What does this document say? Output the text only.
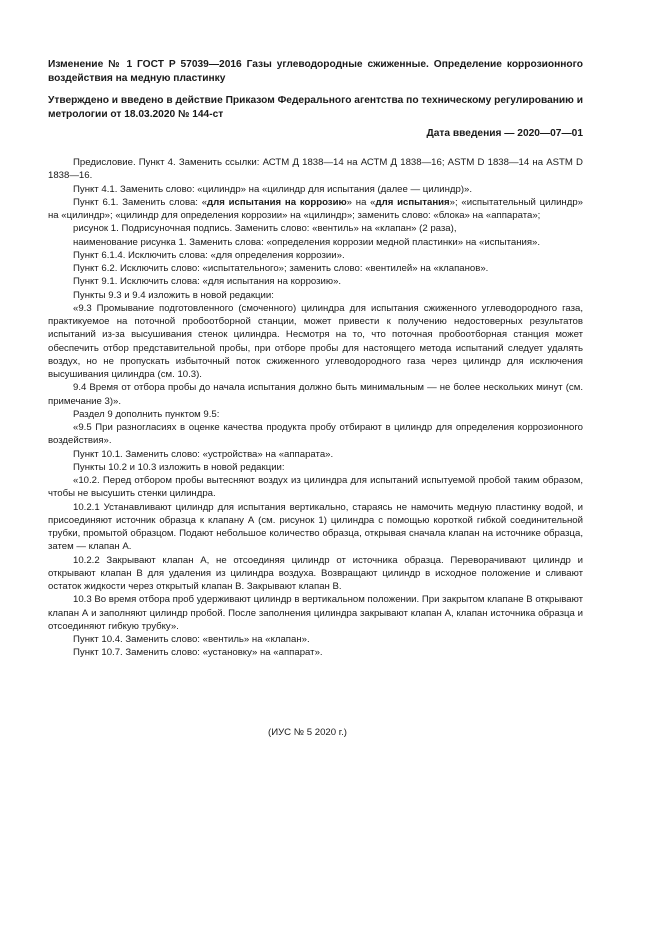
Изменение № 1 ГОСТ Р 57039—2016 Газы углеводородные сжиженные. Определение коррозионного воздействия на медную пластинку

Утверждено и введено в действие Приказом Федерального агентства по техническому регулированию и метрологии от 18.03.2020 № 144-ст

Дата введения — 2020—07—01

Предисловие. Пункт 4. Заменить ссылки: АСТМ Д 1838—14 на АСТМ Д 1838—16; ASTM D 1838—14 на ASTM D 1838—16.

Пункт 4.1. Заменить слово: «цилиндр» на «цилиндр для испытания (далее — цилиндр)».

Пункт 6.1. Заменить слова: «для испытания на коррозию» на «для испытания»; «испытательный цилиндр» на «цилиндр»; «цилиндр для определения коррозии» на «цилиндр»; заменить слово: «блока» на «аппарата»;

рисунок 1. Подрисуночная подпись. Заменить слово: «вентиль» на «клапан» (2 раза),

наименование рисунка 1. Заменить слова: «определения коррозии медной пластинки» на «испытания».

Пункт 6.1.4. Исключить слова: «для определения коррозии».

Пункт 6.2. Исключить слово: «испытательного»; заменить слово: «вентилей» на «клапанов».

Пункт 9.1. Исключить слова: «для испытания на коррозию».

Пункты 9.3 и 9.4 изложить в новой редакции:

«9.3 Промывание подготовленного (смоченного) цилиндра для испытания сжиженного углеводородного газа, практикуемое на поточной пробоотборной станции, может привести к получению недостоверных результатов испытаний из-за высушивания стенок цилиндра. Несмотря на то, что поточная пробоотборная станция может обеспечить отбор представительной пробы, при отборе пробы для настоящего метода испытаний следует удалять воздух, но не пропускать избыточный поток сжиженного углеводородного газа через цилиндр для исключения высушивания цилиндра (см. 10.3).

9.4 Время от отбора пробы до начала испытания должно быть минимальным — не более нескольких минут (см. примечание 3)».

Раздел 9 дополнить пунктом 9.5:

«9.5 При разногласиях в оценке качества продукта пробу отбирают в цилиндр для определения коррозионного воздействия».

Пункт 10.1. Заменить слово: «устройства» на «аппарата».

Пункты 10.2 и 10.3 изложить в новой редакции:

«10.2. Перед отбором пробы вытесняют воздух из цилиндра для испытаний испытуемой пробой таким образом, чтобы не высушить стенки цилиндра.

10.2.1 Устанавливают цилиндр для испытания вертикально, стараясь не намочить медную пластинку водой, и присоединяют источник образца к клапану А (см. рисунок 1) цилиндра с помощью короткой гибкой соединительной трубки, промытой образцом. Подают небольшое количество образца, открывая сначала клапан на источнике образца, затем — клапан А.

10.2.2 Закрывают клапан А, не отсоединяя цилиндр от источника образца. Переворачивают цилиндр и открывают клапан В для удаления из цилиндра воздуха. Возвращают цилиндр в исходное положение и сливают остаток жидкости через открытый клапан В. Закрывают клапан В.

10.3 Во время отбора проб удерживают цилиндр в вертикальном положении. При закрытом клапане В открывают клапан А и заполняют цилиндр пробой. После заполнения цилиндра закрывают клапан А, клапан источника образца и отсоединяют гибкую трубку».

Пункт 10.4. Заменить слово: «вентиль» на «клапан».

Пункт 10.7. Заменить слово: «установку» на «аппарат».

(ИУС № 5 2020 г.)
